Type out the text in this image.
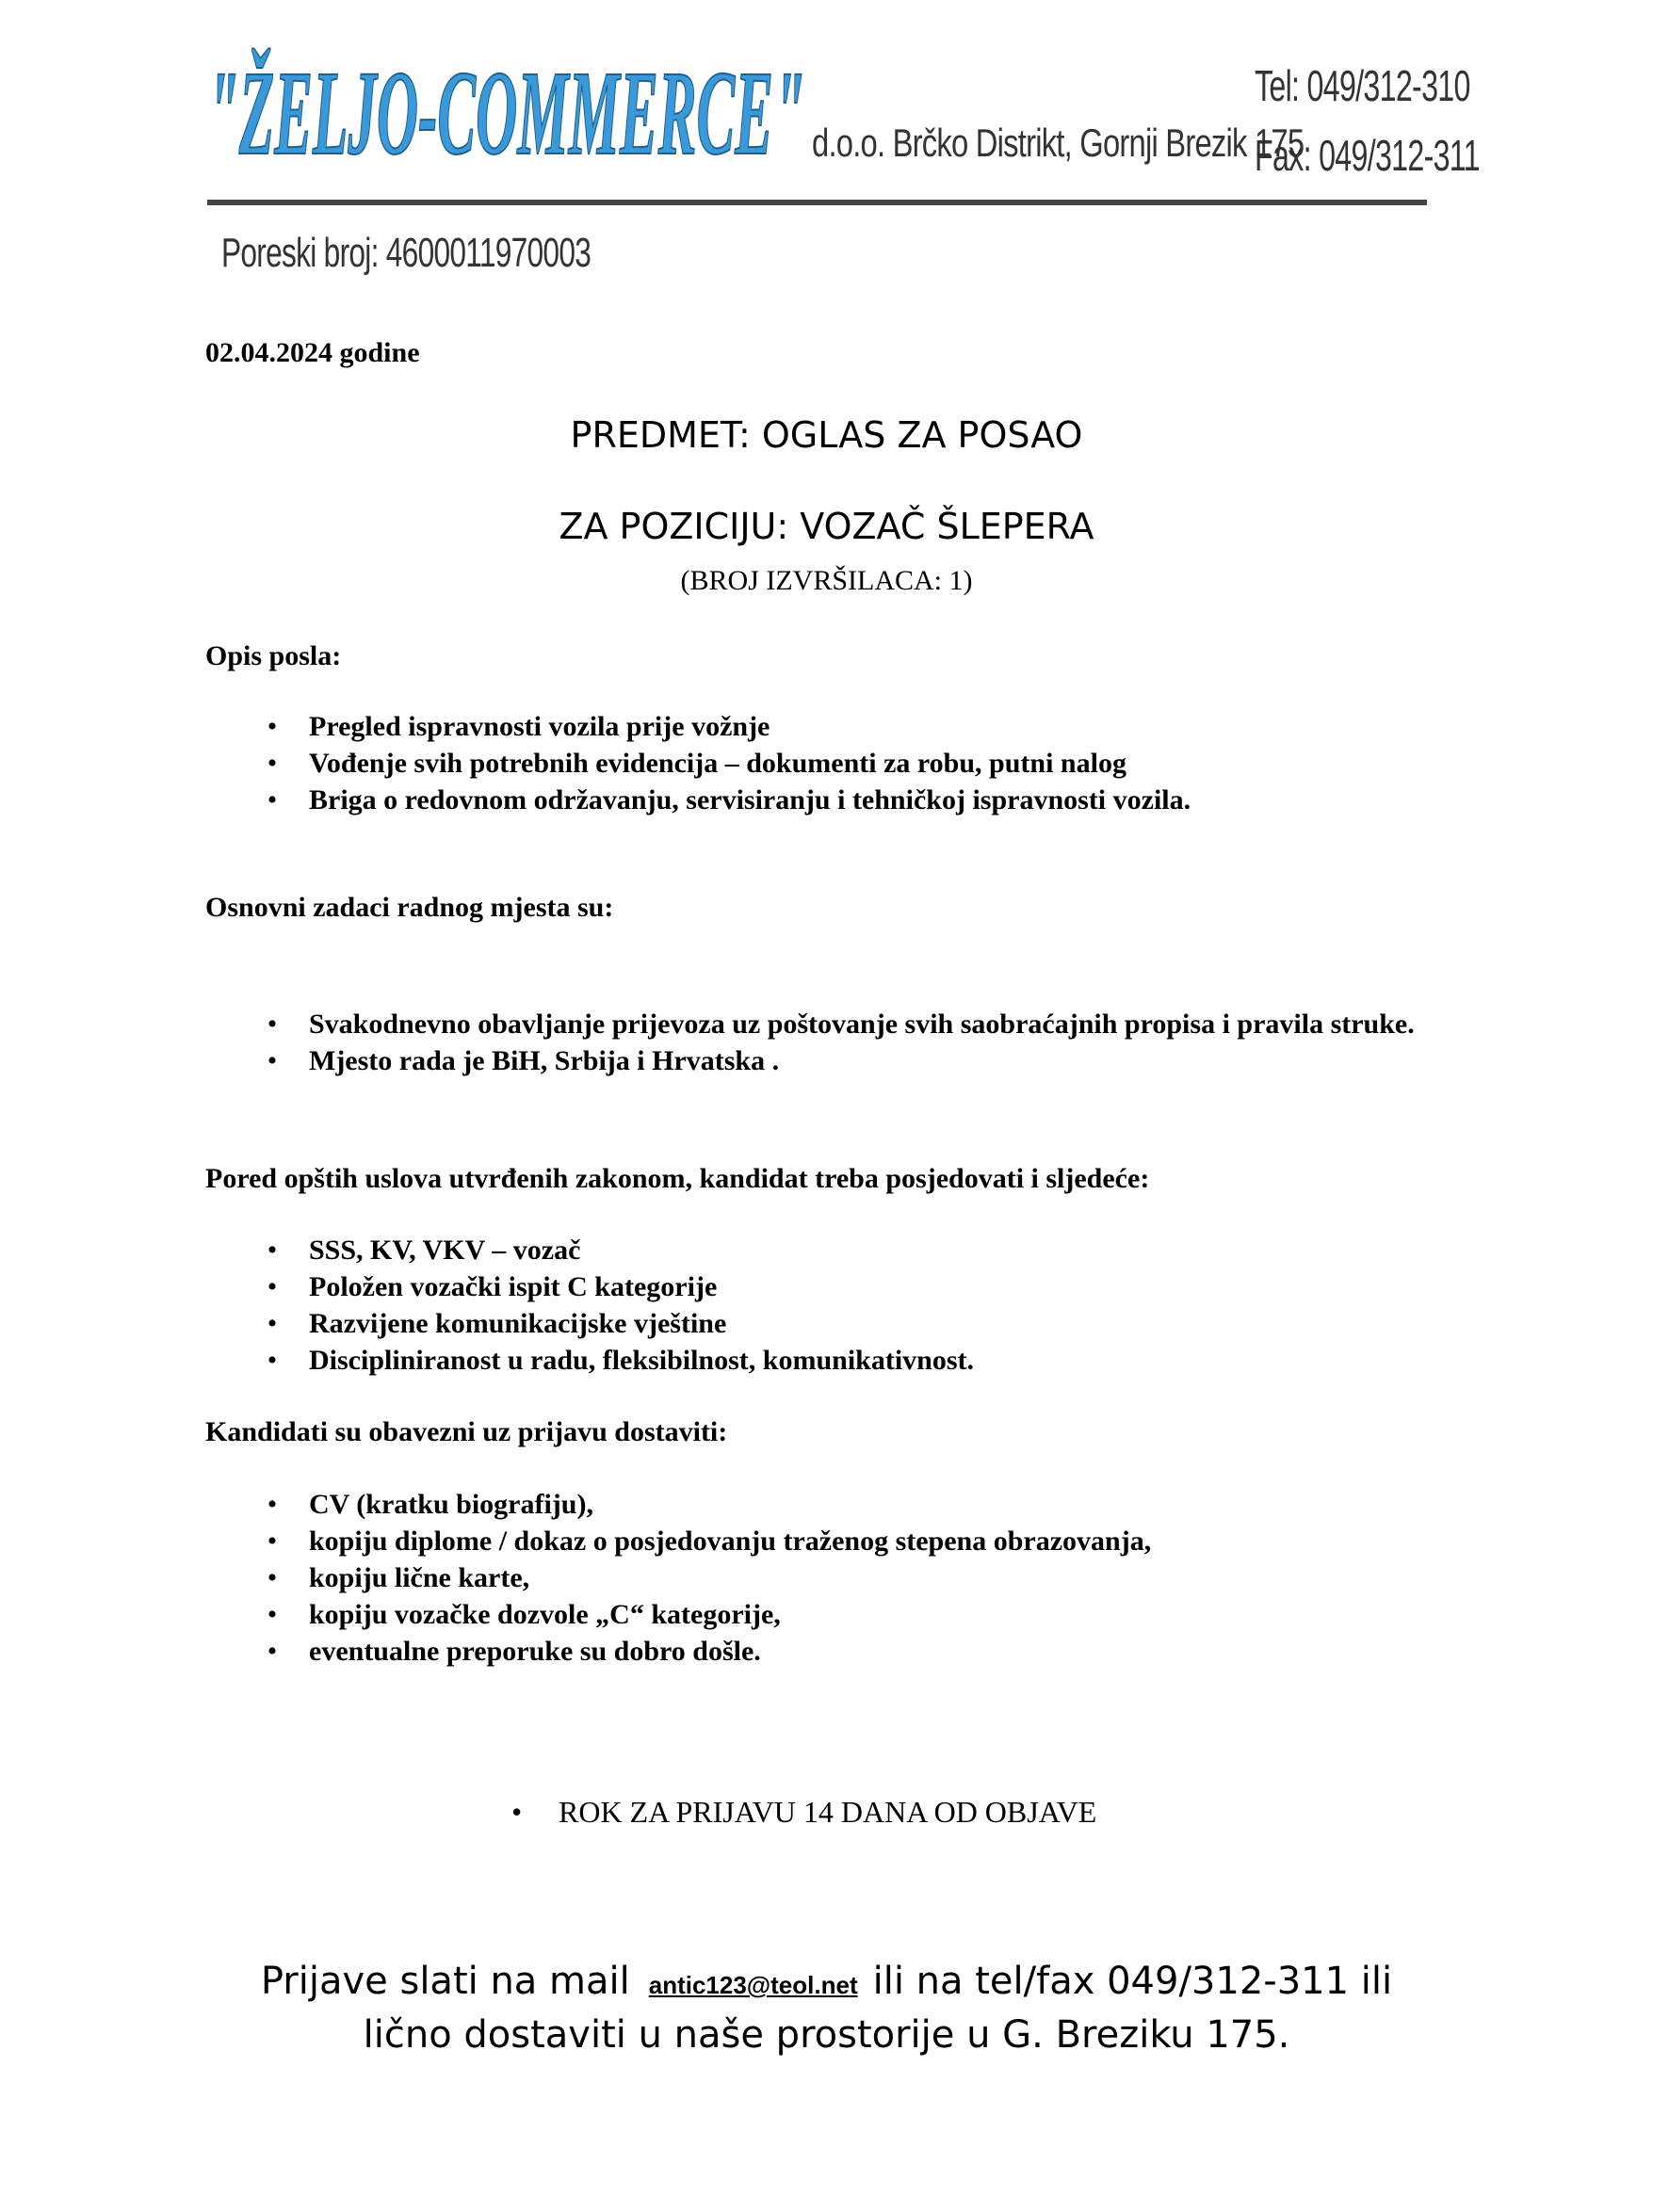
"ŽELJO-COMMERCE" d.o.o. Brčko Distrikt, Gornji Brezik 175
Tel: 049/312-310
Fax: 049/312-311
Poreski broj: 4600011970003
02.04.2024 godine
PREDMET: OGLAS ZA POSAO
ZA POZICIJU: VOZAČ ŠLEPERA
(BROJ IZVRŠILACA: 1)
Opis posla:
•	Pregled ispravnosti vozila prije vožnje
•	Vođenje svih potrebnih evidencija – dokumenti za robu, putni nalog
•	Briga o redovnom održavanju, servisiranju i tehničkoj ispravnosti vozila.
Osnovni zadaci radnog mjesta su:
•	Svakodnevno obavljanje prijevoza uz poštovanje svih saobraćajnih propisa i pravila struke.
•	Mjesto rada je BiH, Srbija i Hrvatska .
Pored opštih uslova utvrđenih zakonom, kandidat treba posjedovati i sljedeće:
•	SSS, KV, VKV – vozač
•	Položen vozački ispit C kategorije
•	Razvijene komunikacijske vještine
•	Discipliniranost u radu, fleksibilnost, komunikativnost.
Kandidati su obavezni uz prijavu dostaviti:
•	CV (kratku biografiju),
•	kopiju diplome / dokaz o posjedovanju traženog stepena obrazovanja,
•	kopiju lične karte,
•	kopiju vozačke dozvole „C“ kategorije,
•	eventualne preporuke su dobro došle.
• ROK ZA PRIJAVU 14 DANA OD OBJAVE
Prijave slati na mail antic123@teol.net ili na tel/fax 049/312-311 ili
lično dostaviti u naše prostorije u G. Breziku 175.
